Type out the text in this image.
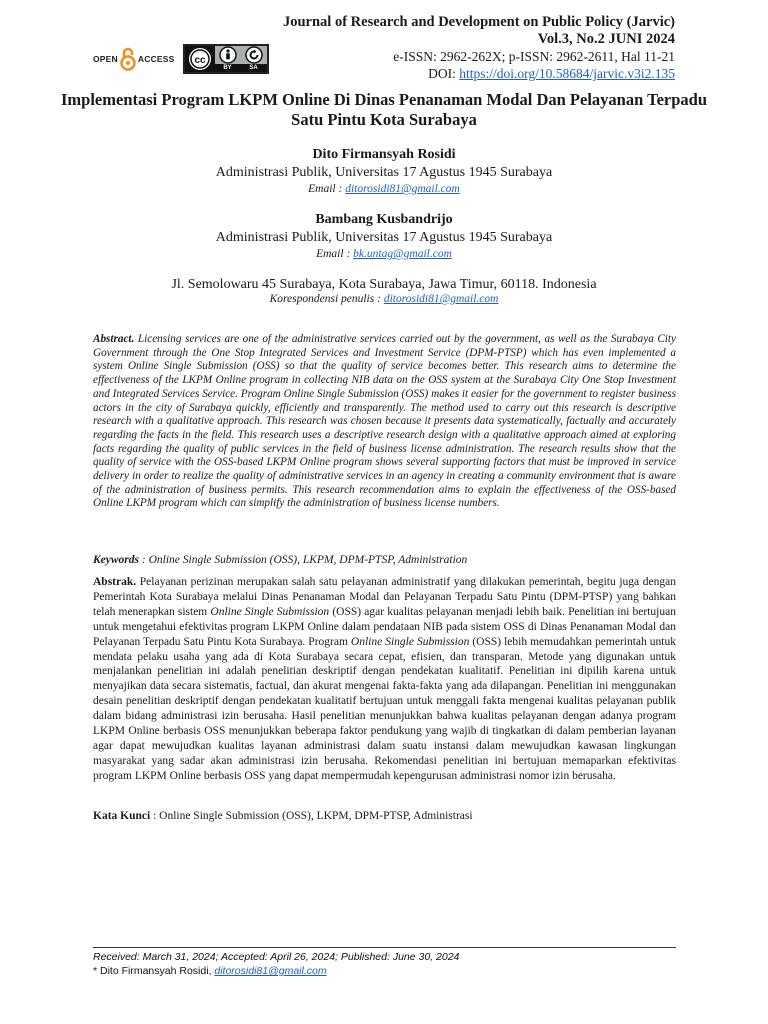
OPEN ACCESS cc
BY	SA
Journal of Research and Development on Public Policy (Jarvic)
Vol.3, No.2 JUNI 2024
e-ISSN: 2962-262X; p-ISSN: 2962-2611, Hal 11-21
DOI: https://doi.org/10.58684/jarvic.v3i2.135
Implementasi Program LKPM Online Di Dinas Penanaman Modal Dan Pelayanan Terpadu Satu Pintu Kota Surabaya
Dito Firmansyah Rosidi
Administrasi Publik, Universitas 17 Agustus 1945 Surabaya
Email : ditorosidi81@gmail.com
Bambang Kusbandrijo
Administrasi Publik, Universitas 17 Agustus 1945 Surabaya
Email : bk.untag@gmail.com
Jl. Semolowaru 45 Surabaya, Kota Surabaya, Jawa Timur, 60118. Indonesia
Korespondensi penulis : ditorosidi81@gmail.com

Abstract. Licensing services are one of the administrative services carried out by the government, as well as the Surabaya City Government through the One Stop Integrated Services and Investment Service (DPM-PTSP) which has even implemented a system Online Single Submission (OSS) so that the quality of service becomes better. This research aims to determine the effectiveness of the LKPM Online program in collecting NIB data on the OSS system at the Surabaya City One Stop Investment and Integrated Services Service. Program Online Single Submission (OSS) makes it easier for the government to register business actors in the city of Surabaya quickly, efficiently and transparently. The method used to carry out this research is descriptive research with a qualitative approach. This research was chosen because it presents data systematically, factually and accurately regarding the facts in the field. This research uses a descriptive research design with a qualitative approach aimed at exploring facts regarding the quality of public services in the field of business license administration. The research results show that the quality of service with the OSS-based LKPM Online program shows several supporting factors that must be improved in service delivery in order to realize the quality of administrative services in an agency in creating a community environment that is aware of the administration of business permits. This research recommendation aims to explain the effectiveness of the OSS-based Online LKPM program which can simplify the administration of business license numbers.

Keywords : Online Single Submission (OSS), LKPM, DPM-PTSP, Administration

Abstrak. Pelayanan perizinan merupakan salah satu pelayanan administratif yang dilakukan pemerintah, begitu juga dengan Pemerintah Kota Surabaya melalui Dinas Penanaman Modal dan Pelayanan Terpadu Satu Pintu (DPM-PTSP) yang bahkan telah menerapkan sistem Online Single Submission (OSS) agar kualitas pelayanan menjadi lebih baik. Penelitian ini bertujuan untuk mengetahui efektivitas program LKPM Online dalam pendataan NIB pada sistem OSS di Dinas Penanaman Modal dan Pelayanan Terpadu Satu Pintu Kota Surabaya. Program Online Single Submission (OSS) lebih memudahkan pemerintah untuk mendata pelaku usaha yang ada di Kota Surabaya secara cepat, efisien, dan transparan. Metode yang digunakan untuk menjalankan penelitian ini adalah penelitian deskriptif dengan pendekatan kualitatif. Penelitian ini dipilih karena untuk menyajikan data secara sistematis, factual, dan akurat mengenai fakta-fakta yang ada dilapangan. Penelitian ini menggunakan desain penelitian deskriptif dengan pendekatan kualitatif bertujuan untuk menggali fakta mengenai kualitas pelayanan publik dalam bidang administrasi izin berusaha. Hasil penelitian menunjukkan bahwa kualitas pelayanan dengan adanya program LKPM Online berbasis OSS menunjukkan beberapa faktor pendukung yang wajib di tingkatkan di dalam pemberian layanan agar dapat mewujudkan kualitas layanan administrasi dalam suatu instansi dalam mewujudkan kawasan lingkungan masyarakat yang sadar akan administrasi izin berusaha. Rekomendasi penelitian ini bertujuan memaparkan efektivitas program LKPM Online berbasis OSS yang dapat mempermudah kepengurusan administrasi nomor izin berusaha.

Kata Kunci : Online Single Submission (OSS), LKPM, DPM-PTSP, Administrasi

Received: March 31, 2024; Accepted: April 26, 2024; Published: June 30, 2024
* Dito Firmansyah Rosidi, ditorosidi81@gmail.com
